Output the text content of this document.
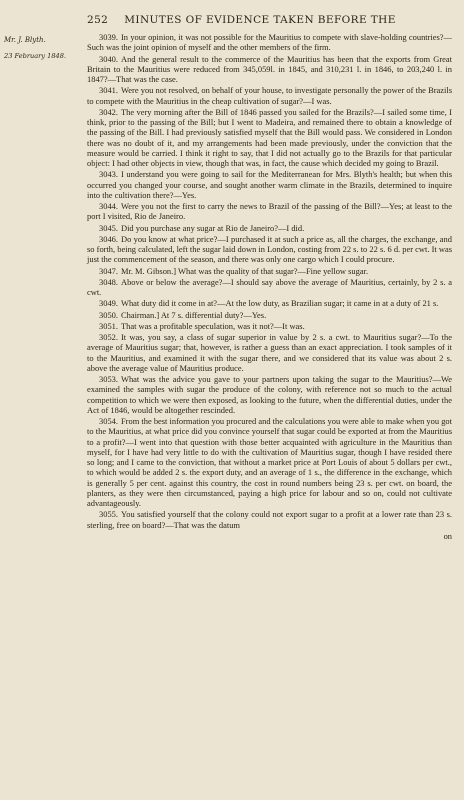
252 MINUTES OF EVIDENCE TAKEN BEFORE THE
Mr. J. Blyth.
23 February 1848.

3039. In your opinion, it was not possible for the Mauritius to compete with slave-holding countries?—Such was the joint opinion of myself and the other members of the firm.

3040. And the general result to the commerce of the Mauritius has been that the exports from Great Britain to the Mauritius were reduced from 345,059l. in 1845, and 310,231 l. in 1846, to 203,240 l. in 1847?—That was the case.

3041. Were you not resolved, on behalf of your house, to investigate personally the power of the Brazils to compete with the Mauritius in the cheap cultivation of sugar?—I was.

3042. The very morning after the Bill of 1846 passed you sailed for the Brazils?—I sailed some time, I think, prior to the passing of the Bill; but I went to Madeira, and remained there to obtain a knowledge of the passing of the Bill. I had previously satisfied myself that the Bill would pass. We considered in London there was no doubt of it, and my arrangements had been made previously, under the conviction that the measure would be carried. I think it right to say, that I did not actually go to the Brazils for that particular object: I had other objects in view, though that was, in fact, the cause which decided my going to Brazil.

3043. I understand you were going to sail for the Mediterranean for Mrs. Blyth's health; but when this occurred you changed your course, and sought another warm climate in the Brazils, determined to inquire into the cultivation there?—Yes.

3044. Were you not the first to carry the news to Brazil of the passing of the Bill?—Yes; at least to the port I visited, Rio de Janeiro.

3045. Did you purchase any sugar at Rio de Janeiro?—I did.

3046. Do you know at what price?—I purchased it at such a price as, all the charges, the exchange, and so forth, being calculated, left the sugar laid down in London, costing from 22 s. to 22 s. 6 d. per cwt. It was just the commencement of the season, and there was only one cargo which I could procure.

3047. Mr. M. Gibson.] What was the quality of that sugar?—Fine yellow sugar.

3048. Above or below the average?—I should say above the average of Mauritius, certainly, by 2 s. a cwt.

3049. What duty did it come in at?—At the low duty, as Brazilian sugar; it came in at a duty of 21 s.

3050. Chairman.] At 7 s. differential duty?—Yes.

3051. That was a profitable speculation, was it not?—It was.

3052. It was, you say, a class of sugar superior in value by 2 s. a cwt. to Mauritius sugar?—To the average of Mauritius sugar; that, however, is rather a guess than an exact appreciation. I took samples of it to the Mauritius, and examined it with the sugar there, and we considered that its value was about 2 s. above the average value of Mauritius produce.

3053. What was the advice you gave to your partners upon taking the sugar to the Mauritius?—We examined the samples with sugar the produce of the colony, with reference not so much to the actual competition to which we were then exposed, as looking to the future, when the differential duties, under the Act of 1846, would be altogether rescinded.

3054. From the best information you procured and the calculations you were able to make when you got to the Mauritius, at what price did you convince yourself that sugar could be exported at from the Mauritius to a profit?—I went into that question with those better acquainted with agriculture in the Mauritius than myself, for I have had very little to do with the cultivation of Mauritius sugar, though I have resided there so long; and I came to the conviction, that without a market price at Port Louis of about 5 dollars per cwt., to which would be added 2 s. the export duty, and an average of 1 s., the difference in the exchange, which is generally 5 per cent. against this country, the cost in round numbers being 23 s. per cwt. on board, the planters, as they were then circumstanced, paying a high price for labour and so on, could not cultivate advantageously.

3055. You satisfied yourself that the colony could not export sugar to a profit at a lower rate than 23 s. sterling, free on board?—That was the datum

on
